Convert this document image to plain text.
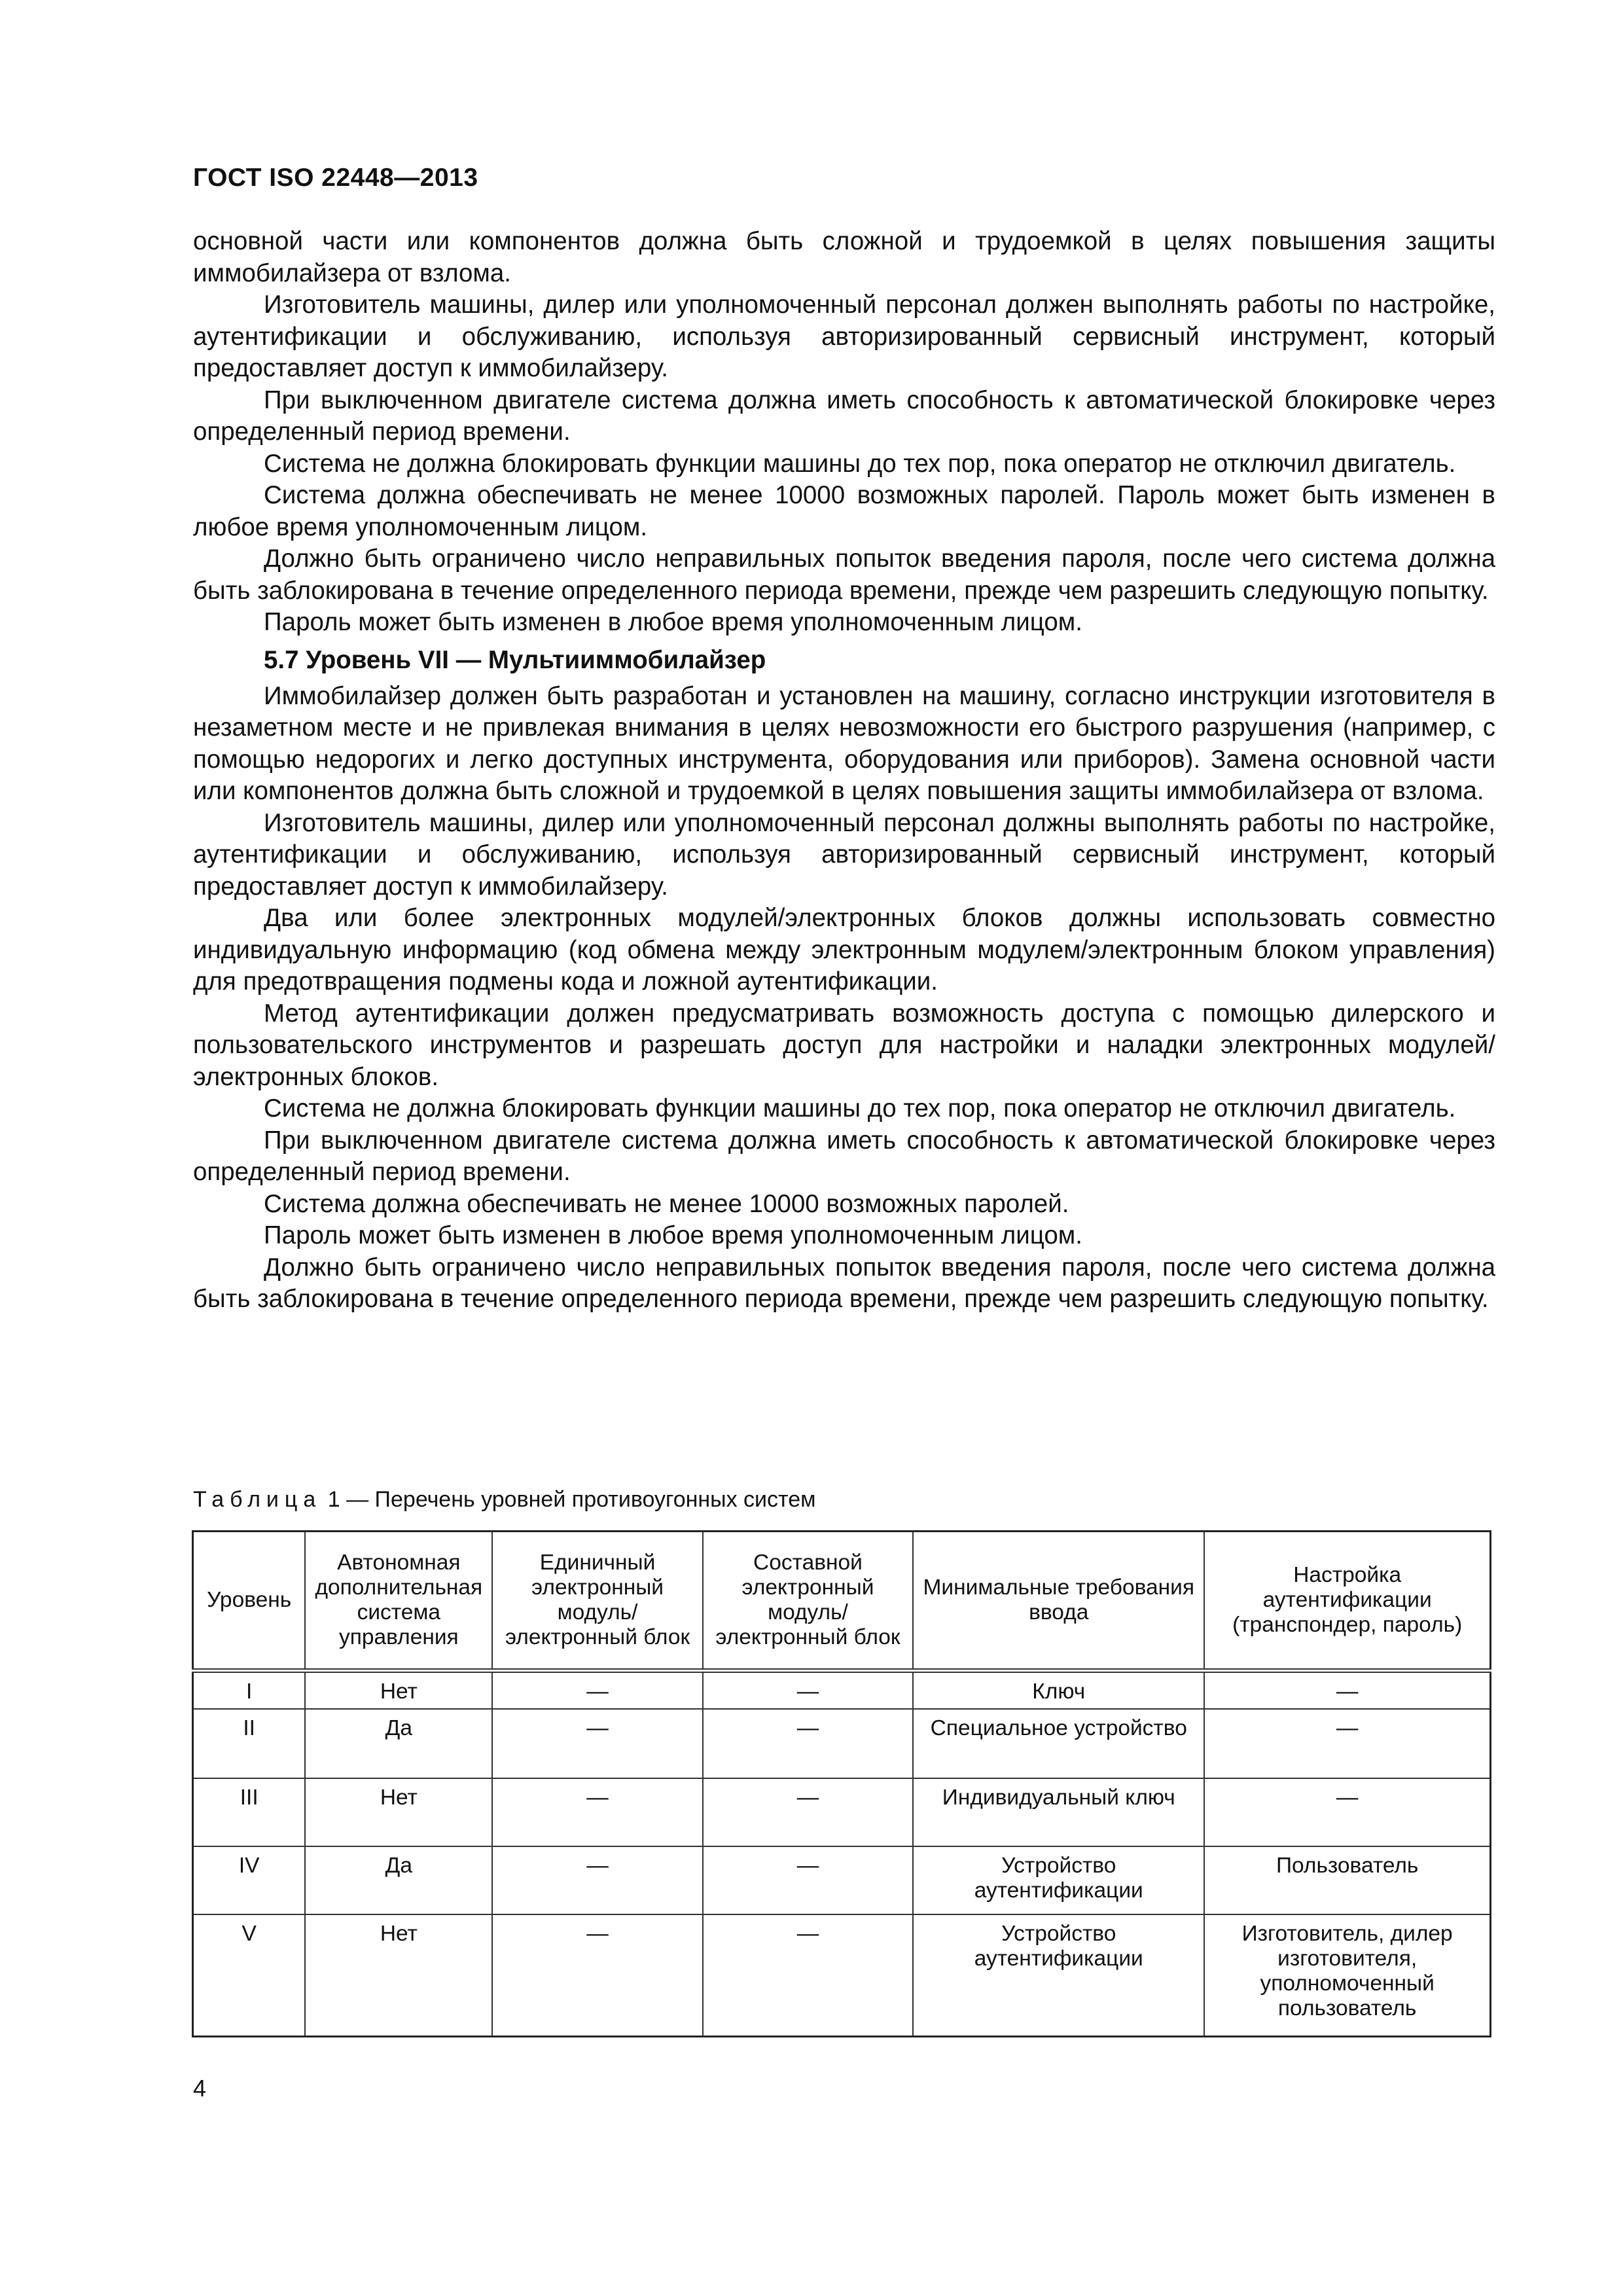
ГОСТ ISO 22448—2013

основной части или компонентов должна быть сложной и трудоемкой в целях повышения защиты иммобилайзера от взлома.

Изготовитель машины, дилер или уполномоченный персонал должен выполнять работы по настройке, аутентификации и обслуживанию, используя авторизированный сервисный инструмент, который предоставляет доступ к иммобилайзеру.

При выключенном двигателе система должна иметь способность к автоматической блокировке через определенный период времени.

Система не должна блокировать функции машины до тех пор, пока оператор не отключил двигатель.

Система должна обеспечивать не менее 10000 возможных паролей. Пароль может быть изменен в любое время уполномоченным лицом.

Должно быть ограничено число неправильных попыток введения пароля, после чего система должна быть заблокирована в течение определенного периода времени, прежде чем разрешить следующую попытку.

Пароль может быть изменен в любое время уполномоченным лицом.

5.7 Уровень VII — Мультииммобилайзер

Иммобилайзер должен быть разработан и установлен на машину, согласно инструкции изготовителя в незаметном месте и не привлекая внимания в целях невозможности его быстрого разрушения (например, с помощью недорогих и легко доступных инструмента, оборудования или приборов). Замена основной части или компонентов должна быть сложной и трудоемкой в целях повышения защиты иммобилайзера от взлома.

Изготовитель машины, дилер или уполномоченный персонал должны выполнять работы по настройке, аутентификации и обслуживанию, используя авторизированный сервисный инструмент, который предоставляет доступ к иммобилайзеру.

Два или более электронных модулей/электронных блоков должны использовать совместно индивидуальную информацию (код обмена между электронным модулем/электронным блоком управления) для предотвращения подмены кода и ложной аутентификации.

Метод аутентификации должен предусматривать возможность доступа с помощью дилерского и пользовательского инструментов и разрешать доступ для настройки и наладки электронных модулей/электронных блоков.

Система не должна блокировать функции машины до тех пор, пока оператор не отключил двигатель.

При выключенном двигателе система должна иметь способность к автоматической блокировке через определенный период времени.

Система должна обеспечивать не менее 10000 возможных паролей.

Пароль может быть изменен в любое время уполномоченным лицом.

Должно быть ограничено число неправильных попыток введения пароля, после чего система должна быть заблокирована в течение определенного периода времени, прежде чем разрешить следующую попытку.

Таблица 1 — Перечень уровней противоугонных систем
Уровень	Автономная дополнительная система управления	Единичный электронный модуль/ электронный блок	Составной электронный модуль/ электронный блок	Минимальные требования ввода	Настройка аутентификации (транспондер, пароль)
I	Нет	—	—	Ключ	—
II	Да	—	—	Специальное устройство	—
III	Нет	—	—	Индивидуальный ключ	—
IV	Да	—	—	Устройство аутентификации	Пользователь
V	Нет	—	—	Устройство аутентификации	Изготовитель, дилер изготовителя, уполномоченный пользователь
4
